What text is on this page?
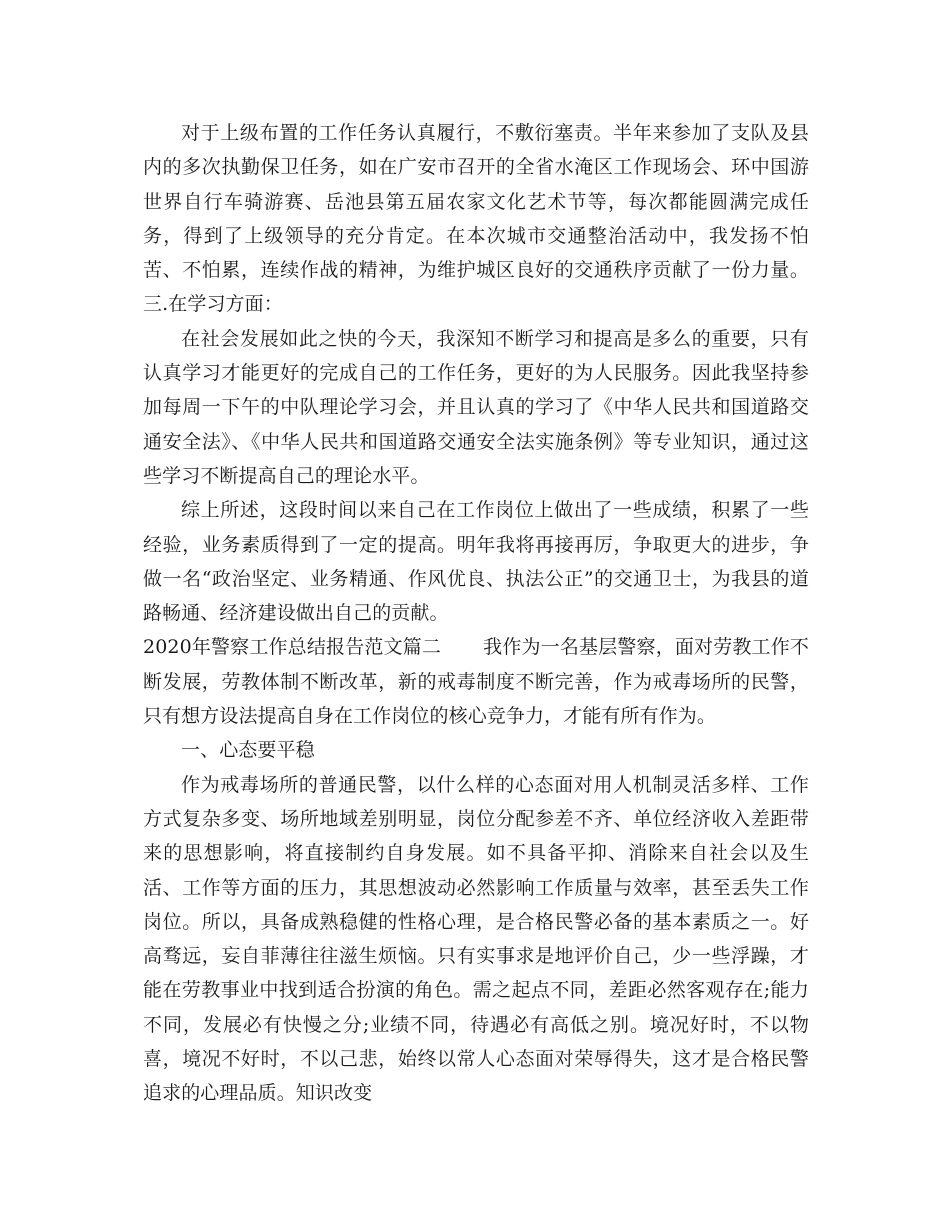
对于上级布置的工作任务认真履行，不敷衍塞责。半年来参加了支队及县内的多次执勤保卫任务，如在广安市召开的全省水淹区工作现场会、环中国游世界自行车骑游赛、岳池县第五届农家文化艺术节等，每次都能圆满完成任务，得到了上级领导的充分肯定。在本次城市交通整治活动中，我发扬不怕苦、不怕累，连续作战的精神，为维护城区良好的交通秩序贡献了一份力量。三.在学习方面：

在社会发展如此之快的今天，我深知不断学习和提高是多么的重要，只有认真学习才能更好的完成自己的工作任务，更好的为人民服务。因此我坚持参加每周一下午的中队理论学习会，并且认真的学习了《中华人民共和国道路交通安全法》、《中华人民共和国道路交通安全法实施条例》等专业知识，通过这些学习不断提高自己的理论水平。

综上所述，这段时间以来自己在工作岗位上做出了一些成绩，积累了一些经验，业务素质得到了一定的提高。明年我将再接再厉，争取更大的进步，争做一名“政治坚定、业务精通、作风优良、执法公正”的交通卫士，为我县的道路畅通、经济建设做出自己的贡献。

2020年警察工作总结报告范文篇二 我作为一名基层警察，面对劳教工作不断发展，劳教体制不断改革，新的戒毒制度不断完善，作为戒毒场所的民警，只有想方设法提高自身在工作岗位的核心竞争力，才能有所有作为。

一、心态要平稳

作为戒毒场所的普通民警，以什么样的心态面对用人机制灵活多样、工作方式复杂多变、场所地域差别明显，岗位分配参差不齐、单位经济收入差距带来的思想影响，将直接制约自身发展。如不具备平抑、消除来自社会以及生活、工作等方面的压力，其思想波动必然影响工作质量与效率，甚至丢失工作岗位。所以，具备成熟稳健的性格心理，是合格民警必备的基本素质之一。好高骛远，妄自菲薄往往滋生烦恼。只有实事求是地评价自己，少一些浮躁，才能在劳教事业中找到适合扮演的角色。需之起点不同，差距必然客观存在;能力不同，发展必有快慢之分;业绩不同，待遇必有高低之别。境况好时，不以物喜，境况不好时，不以己悲，始终以常人心态面对荣辱得失，这才是合格民警追求的心理品质。知识改变
